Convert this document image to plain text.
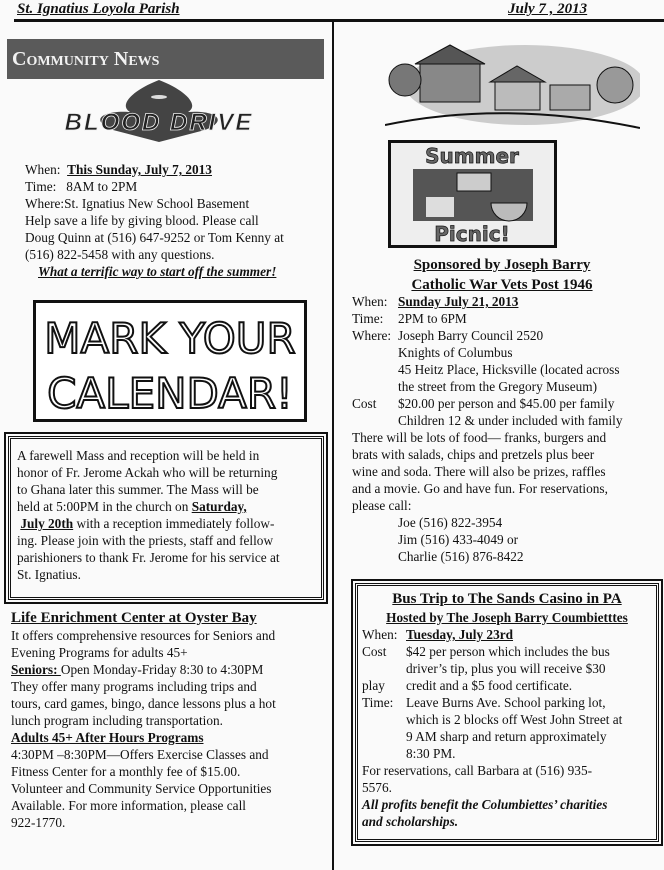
St. Ignatius Loyola Parish	July 7 , 2013
Community News
BLOOD DRIVE
When: This Sunday, July 7, 2013
Time: 8AM to 2PM
Where:St. Ignatius New School Basement
Help save a life by giving blood. Please call
Doug Quinn at (516) 647-9252 or Tom Kenny at
(516) 822-5458 with any questions.
What a terrific way to start off the summer!
MARK YOUR
CALENDAR!
A farewell Mass and reception will be held in
honor of Fr. Jerome Ackah who will be returning
to Ghana later this summer. The Mass will be
held at 5:00PM in the church on Saturday,
July 20th with a reception immediately follow-
ing. Please join with the priests, staff and fellow
parishioners to thank Fr. Jerome for his service at
St. Ignatius.
Life Enrichment Center at Oyster Bay
It offers comprehensive resources for Seniors and
Evening Programs for adults 45+
Seniors: Open Monday-Friday 8:30 to 4:30PM
They offer many programs including trips and
tours, card games, bingo, dance lessons plus a hot
lunch program including transportation.
Adults 45+ After Hours Programs
4:30PM –8:30PM—Offers Exercise Classes and
Fitness Center for a monthly fee of $15.00.
Volunteer and Community Service Opportunities
Available. For more information, please call
922-1770.
Summer
Picnic!
Sponsored by Joseph Barry
Catholic War Vets Post 1946
When: Sunday July 21, 2013
Time: 2PM to 6PM
Where: Joseph Barry Council 2520
Knights of Columbus
45 Heitz Place, Hicksville (located across
the street from the Gregory Museum)
Cost $20.00 per person and $45.00 per family
Children 12 & under included with family
There will be lots of food— franks, burgers and
brats with salads, chips and pretzels plus beer
wine and soda. There will also be prizes, raffles
and a movie. Go and have fun. For reservations,
please call:
Joe (516) 822-3954
Jim (516) 433-4049 or
Charlie (516) 876-8422
Bus Trip to The Sands Casino in PA
Hosted by The Joseph Barry Coumbietttes
When: Tuesday, July 23rd
Cost $42 per person which includes the bus
driver’s tip, plus you will receive $30
play credit and a $5 food certificate.
Time: Leave Burns Ave. School parking lot,
which is 2 blocks off West John Street at
9 AM sharp and return approximately
8:30 PM.
For reservations, call Barbara at (516) 935-
5576.
All profits benefit the Columbiettes’ charities
and scholarships.
